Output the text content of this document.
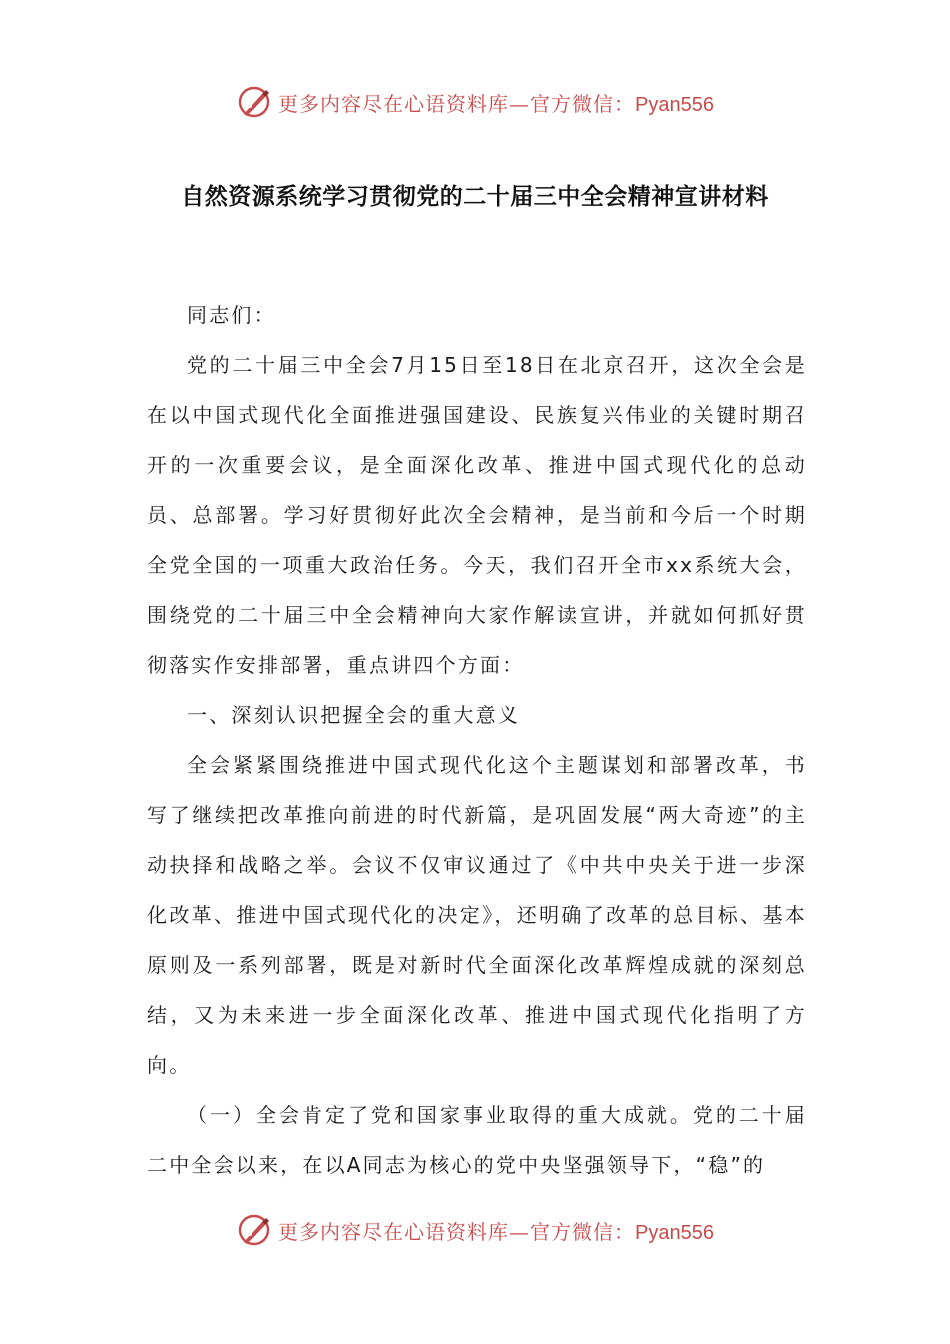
更多内容尽在心语资料库—官方微信：Pyan556
自然资源系统学习贯彻党的二十届三中全会精神宣讲材料

同志们：

党的二十届三中全会7月15日至18日在北京召开，这次全会是在以中国式现代化全面推进强国建设、民族复兴伟业的关键时期召开的一次重要会议，是全面深化改革、推进中国式现代化的总动员、总部署。学习好贯彻好此次全会精神，是当前和今后一个时期全党全国的一项重大政治任务。今天，我们召开全市xx系统大会，围绕党的二十届三中全会精神向大家作解读宣讲，并就如何抓好贯彻落实作安排部署，重点讲四个方面：

一、深刻认识把握全会的重大意义

全会紧紧围绕推进中国式现代化这个主题谋划和部署改革，书写了继续把改革推向前进的时代新篇，是巩固发展“两大奇迹”的主动抉择和战略之举。会议不仅审议通过了《中共中央关于进一步深化改革、推进中国式现代化的决定》，还明确了改革的总目标、基本原则及一系列部署，既是对新时代全面深化改革辉煌成就的深刻总结，又为未来进一步全面深化改革、推进中国式现代化指明了方向。

（一）全会肯定了党和国家事业取得的重大成就。党的二十届二中全会以来，在以A同志为核心的党中央坚强领导下，“稳”的

更多内容尽在心语资料库—官方微信：Pyan556
